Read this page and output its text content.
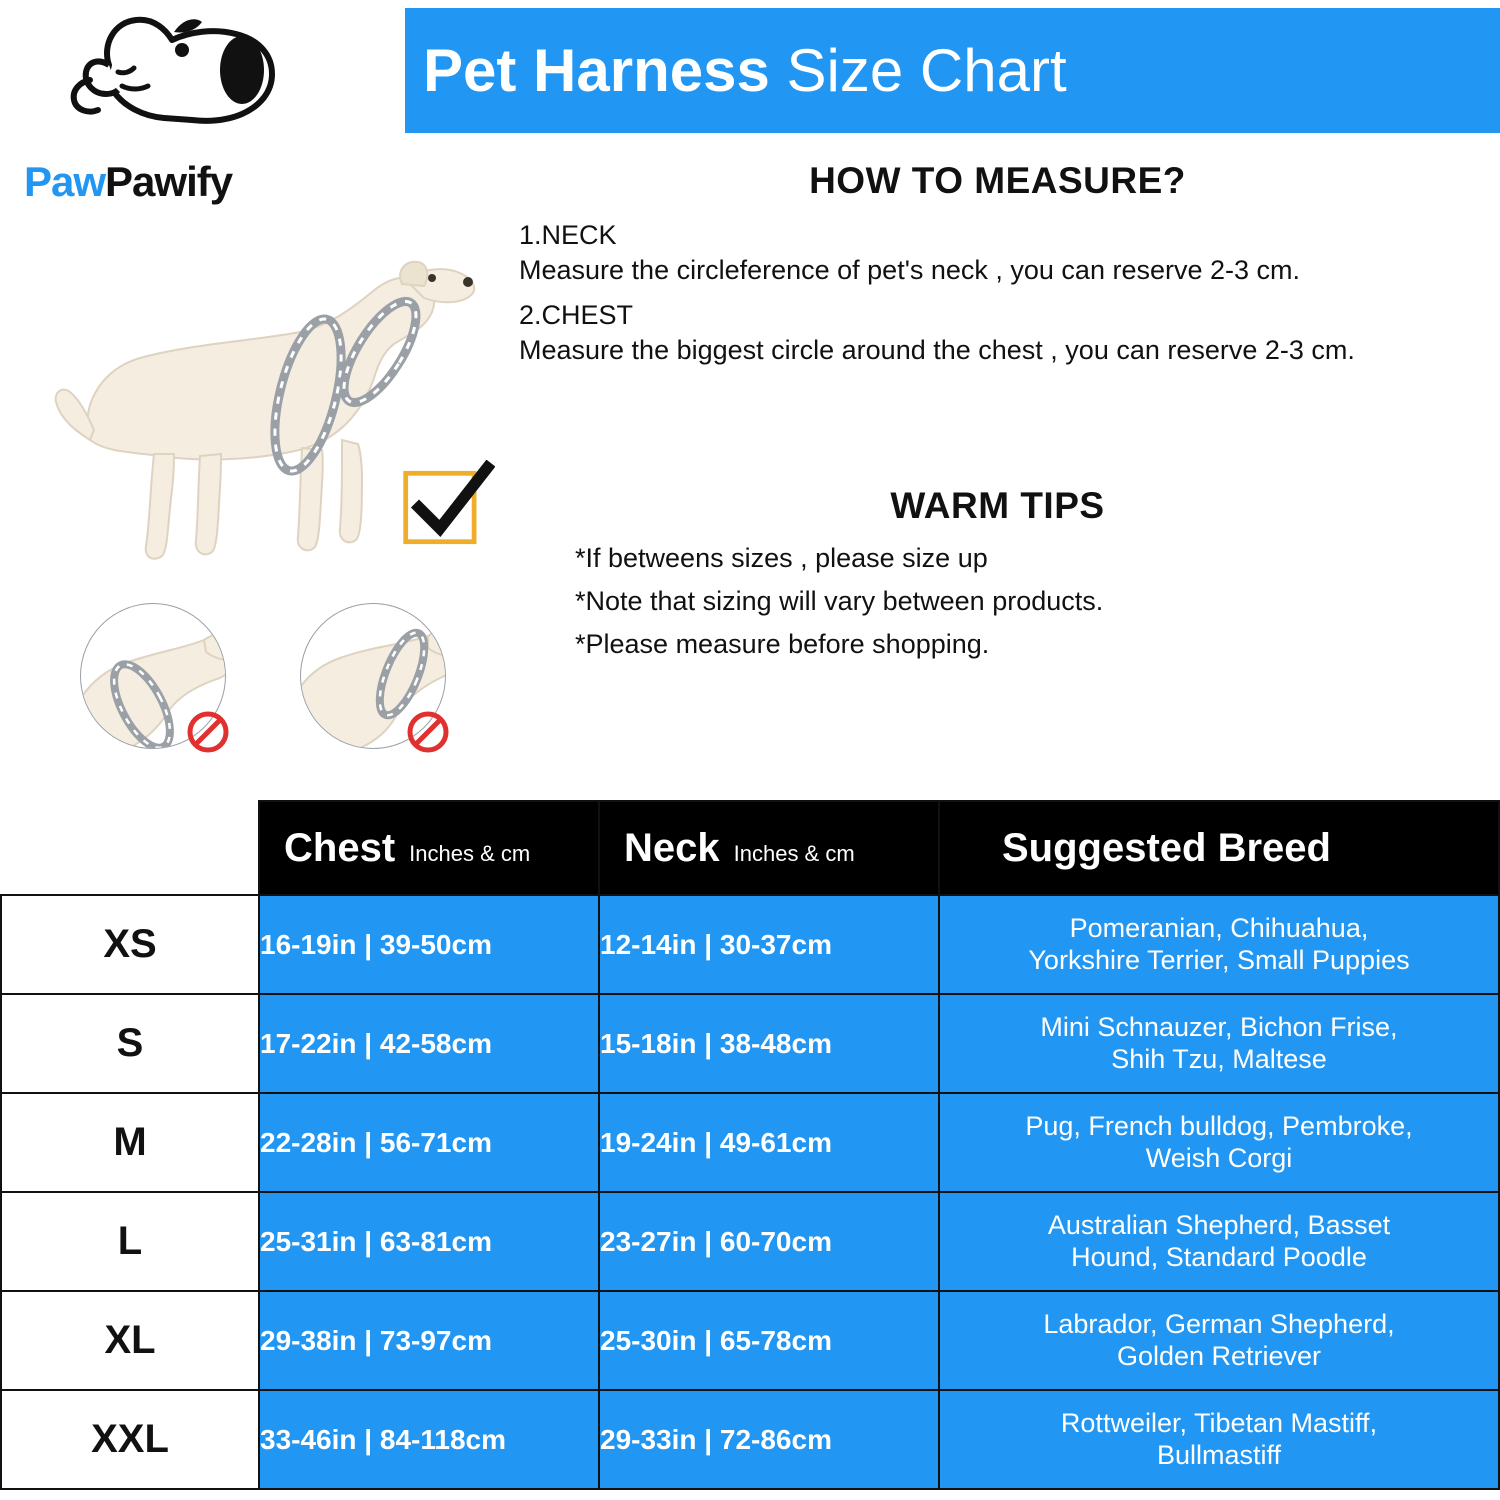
Pet Harness Size Chart
PawPawify	HOW TO MEASURE?
1.NECK
Measure the circleference of pet's neck , you can reserve 2-3 cm.
2.CHEST
Measure the biggest circle around the chest , you can reserve 2-3 cm.
WARM TIPS
*If betweens sizes , please size up
*Note that sizing will vary between products.
*Please measure before shopping.

	Chest Inches & cm	Neck Inches & cm	Suggested Breed

XS	16-19in | 39-50cm	12-14in | 30-37cm	Pomeranian, Chihuahua,
Yorkshire Terrier, Small Puppies
S	17-22in | 42-58cm	15-18in | 38-48cm	Mini Schnauzer, Bichon Frise,
Shih Tzu, Maltese
M	22-28in | 56-71cm	19-24in | 49-61cm	Pug, French bulldog, Pembroke,
Weish Corgi
L	25-31in | 63-81cm	23-27in | 60-70cm	Australian Shepherd, Basset
Hound, Standard Poodle
XL	29-38in | 73-97cm	25-30in | 65-78cm	Labrador, German Shepherd,
Golden Retriever
XXL	33-46in | 84-118cm	29-33in | 72-86cm	Rottweiler, Tibetan Mastiff,
Bullmastiff
